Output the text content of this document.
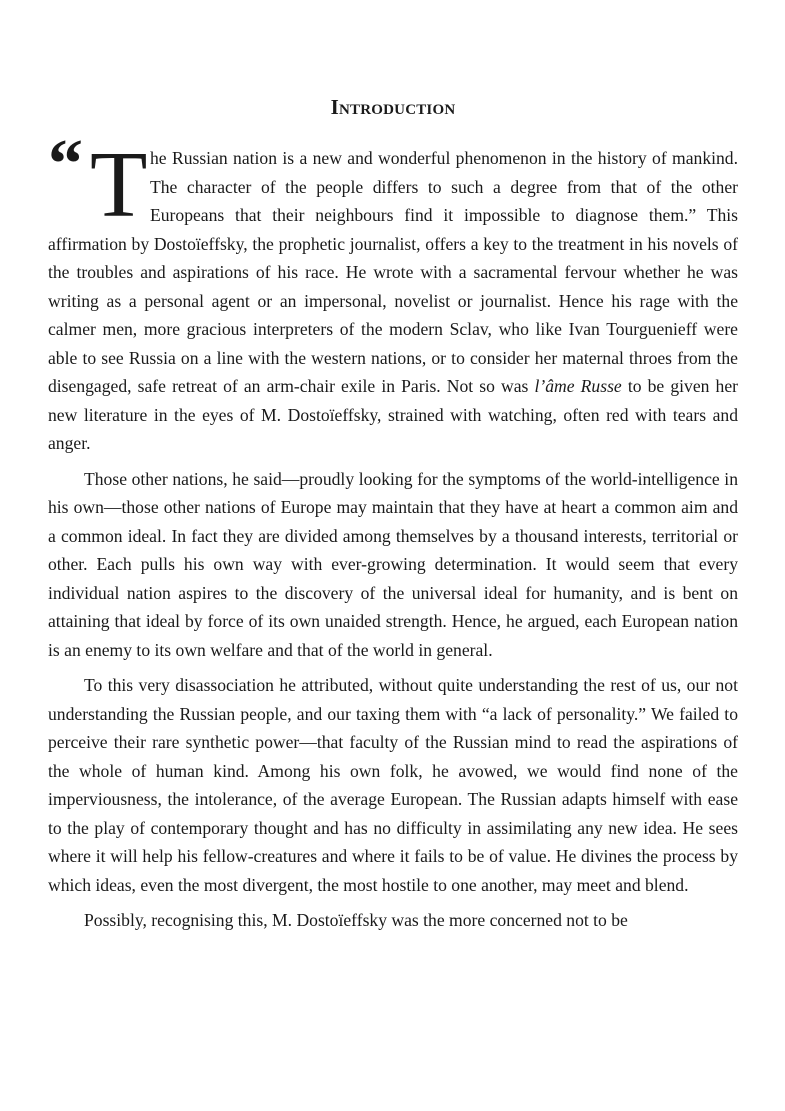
Introduction

“ T he Russian nation is a new and wonderful phenomenon in the history of mankind. The character of the people differs to such a degree from that of the other Europeans that their neighbours find it impossible to diagnose them.” This affirmation by Dostoïeffsky, the prophetic journalist, offers a key to the treatment in his novels of the troubles and aspirations of his race. He wrote with a sacramental fervour whether he was writing as a personal agent or an impersonal, novelist or journalist. Hence his rage with the calmer men, more gracious interpreters of the modern Sclav, who like Ivan Tourguenieff were able to see Russia on a line with the western nations, or to consider her maternal throes from the disengaged, safe retreat of an arm-chair exile in Paris. Not so was l’âme Russe to be given her new literature in the eyes of M. Dostoïeffsky, strained with watching, often red with tears and anger.

Those other nations, he said—proudly looking for the symptoms of the world-intelligence in his own—those other nations of Europe may maintain that they have at heart a common aim and a common ideal. In fact they are divided among themselves by a thousand interests, territorial or other. Each pulls his own way with ever-growing determination. It would seem that every individual nation aspires to the discovery of the universal ideal for humanity, and is bent on attaining that ideal by force of its own unaided strength. Hence, he argued, each European nation is an enemy to its own welfare and that of the world in general.

To this very disassociation he attributed, without quite understanding the rest of us, our not understanding the Russian people, and our taxing them with “a lack of personality.” We failed to perceive their rare synthetic power—that faculty of the Russian mind to read the aspirations of the whole of human kind. Among his own folk, he avowed, we would find none of the imperviousness, the intolerance, of the average European. The Russian adapts himself with ease to the play of contemporary thought and has no difficulty in assimilating any new idea. He sees where it will help his fellow-creatures and where it fails to be of value. He divines the process by which ideas, even the most divergent, the most hostile to one another, may meet and blend.

Possibly, recognising this, M. Dostoïeffsky was the more concerned not to be
